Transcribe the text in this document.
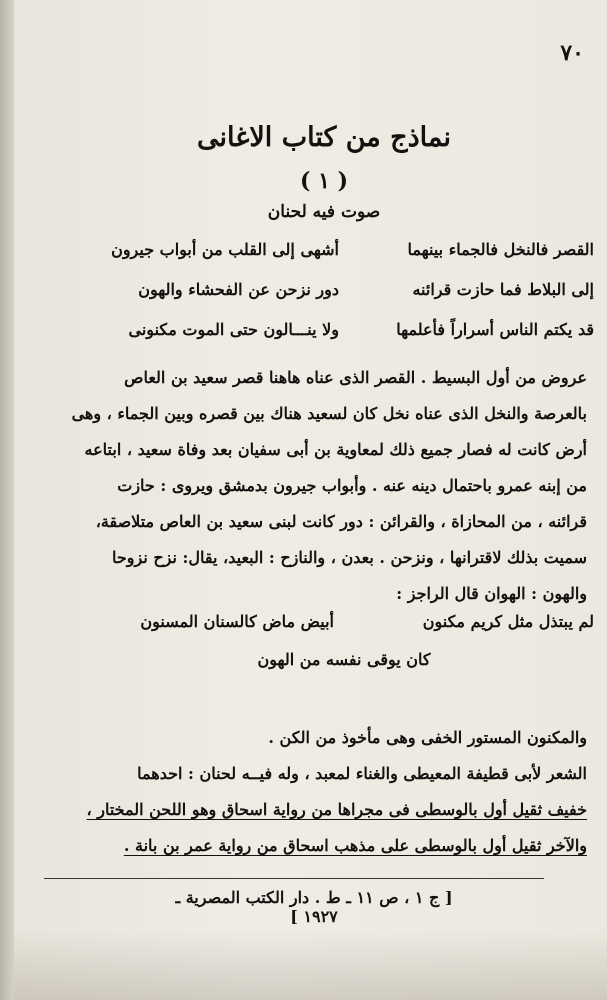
٧٠
نماذج من كتاب الاغانى
( ١ )
صوت فيه لحنان
القصر فالنخل فالجماء بينهما
أشهى إلى القلب من أبواب جيرون
إلى البلاط فما حازت قرائنه
دور نزحن عن الفحشاء والهون
قد يكتم الناس أسراراً فأعلمها
ولا ينـــالون حتى الموت مكنونى
عروض من أول البسيط . القصر الذى عناه هاهنا قصر سعيد بن العاص
بالعرصة والنخل الذى عناه نخل كان لسعيد هناك بين قصره وبين الجماء ، وهى
أرض كانت له فصار جميع ذلك لمعاوية بن أبى سفيان بعد وفاة سعيد ، ابتاعه
من إبنه عمرو باحتمال دينه عنه . وأبواب جيرون بدمشق ويروى : حازت
قرائنه ، من المحازاة ، والقرائن : دور كانت لبنى سعيد بن العاص متلاصقة،
سميت بذلك لاقترانها ، ونزحن . بعدن ، والنازح : البعيد، يقال: نزح نزوحا
والهون : الهوان قال الراجز :
لم يبتذل مثل كريم مكنون
أبيض ماض كالسنان المسنون
كان يوقى نفسه من الهون
والمكنون المستور الخفى وهى مأخوذ من الكن .
الشعر لأبى قطيفة المعيطى والغناء لمعبد ، وله فيــه لحنان : احدهما
خفيف ثقيل أول بالوسطى فى مجراها من رواية اسحاق وهو اللحن المختار ،
والآخر ثقيل أول بالوسطى على مذهب اسحاق من رواية عمر بن بانة .
[ ج ١ ، ص ١١ ـ ط . دار الكتب المصرية ـ ١٩٢٧ ]
